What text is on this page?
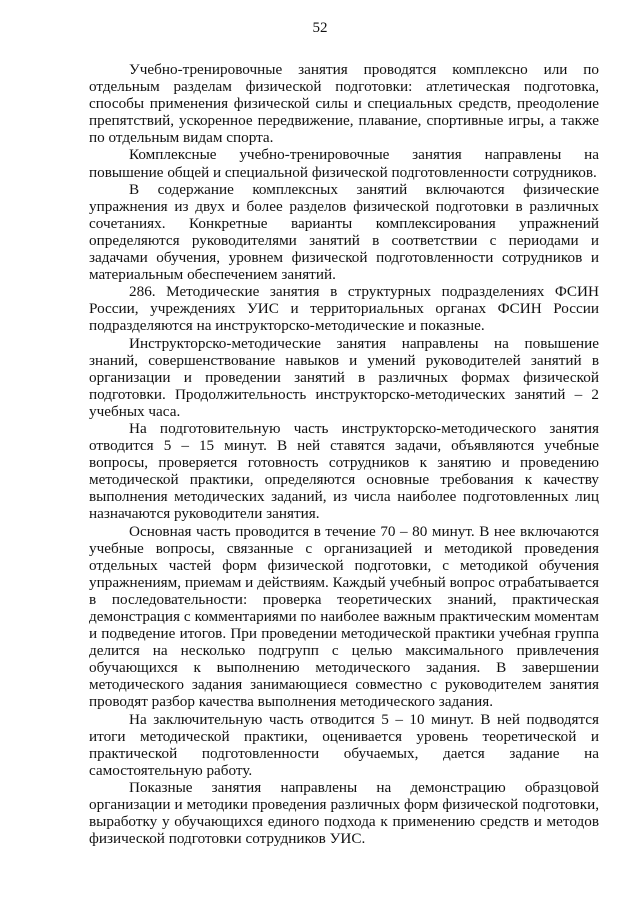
52

Учебно-тренировочные занятия проводятся комплексно или по отдельным разделам физической подготовки: атлетическая подготовка, способы применения физической силы и специальных средств, преодоление препятствий, ускоренное передвижение, плавание, спортивные игры, а также по отдельным видам спорта.

Комплексные учебно-тренировочные занятия направлены на повышение общей и специальной физической подготовленности сотрудников.

В содержание комплексных занятий включаются физические упражнения из двух и более разделов физической подготовки в различных сочетаниях. Конкретные варианты комплексирования упражнений определяются руководителями занятий в соответствии с периодами и задачами обучения, уровнем физической подготовленности сотрудников и материальным обеспечением занятий.

286. Методические занятия в структурных подразделениях ФСИН России, учреждениях УИС и территориальных органах ФСИН России подразделяются на инструкторско-методические и показные.

Инструкторско-методические занятия направлены на повышение знаний, совершенствование навыков и умений руководителей занятий в организации и проведении занятий в различных формах физической подготовки. Продолжительность инструкторско-методических занятий – 2 учебных часа.

На подготовительную часть инструкторско-методического занятия отводится 5 – 15 минут. В ней ставятся задачи, объявляются учебные вопросы, проверяется готовность сотрудников к занятию и проведению методической практики, определяются основные требования к качеству выполнения методических заданий, из числа наиболее подготовленных лиц назначаются руководители занятия.

Основная часть проводится в течение 70 – 80 минут. В нее включаются учебные вопросы, связанные с организацией и методикой проведения отдельных частей форм физической подготовки, с методикой обучения упражнениям, приемам и действиям. Каждый учебный вопрос отрабатывается в последовательности: проверка теоретических знаний, практическая демонстрация с комментариями по наиболее важным практическим моментам и подведение итогов. При проведении методической практики учебная группа делится на несколько подгрупп с целью максимального привлечения обучающихся к выполнению методического задания. В завершении методического задания занимающиеся совместно с руководителем занятия проводят разбор качества выполнения методического задания.

На заключительную часть отводится 5 – 10 минут. В ней подводятся итоги методической практики, оценивается уровень теоретической и практической подготовленности обучаемых, дается задание на самостоятельную работу.

Показные занятия направлены на демонстрацию образцовой организации и методики проведения различных форм физической подготовки, выработку у обучающихся единого подхода к применению средств и методов физической подготовки сотрудников УИС.
